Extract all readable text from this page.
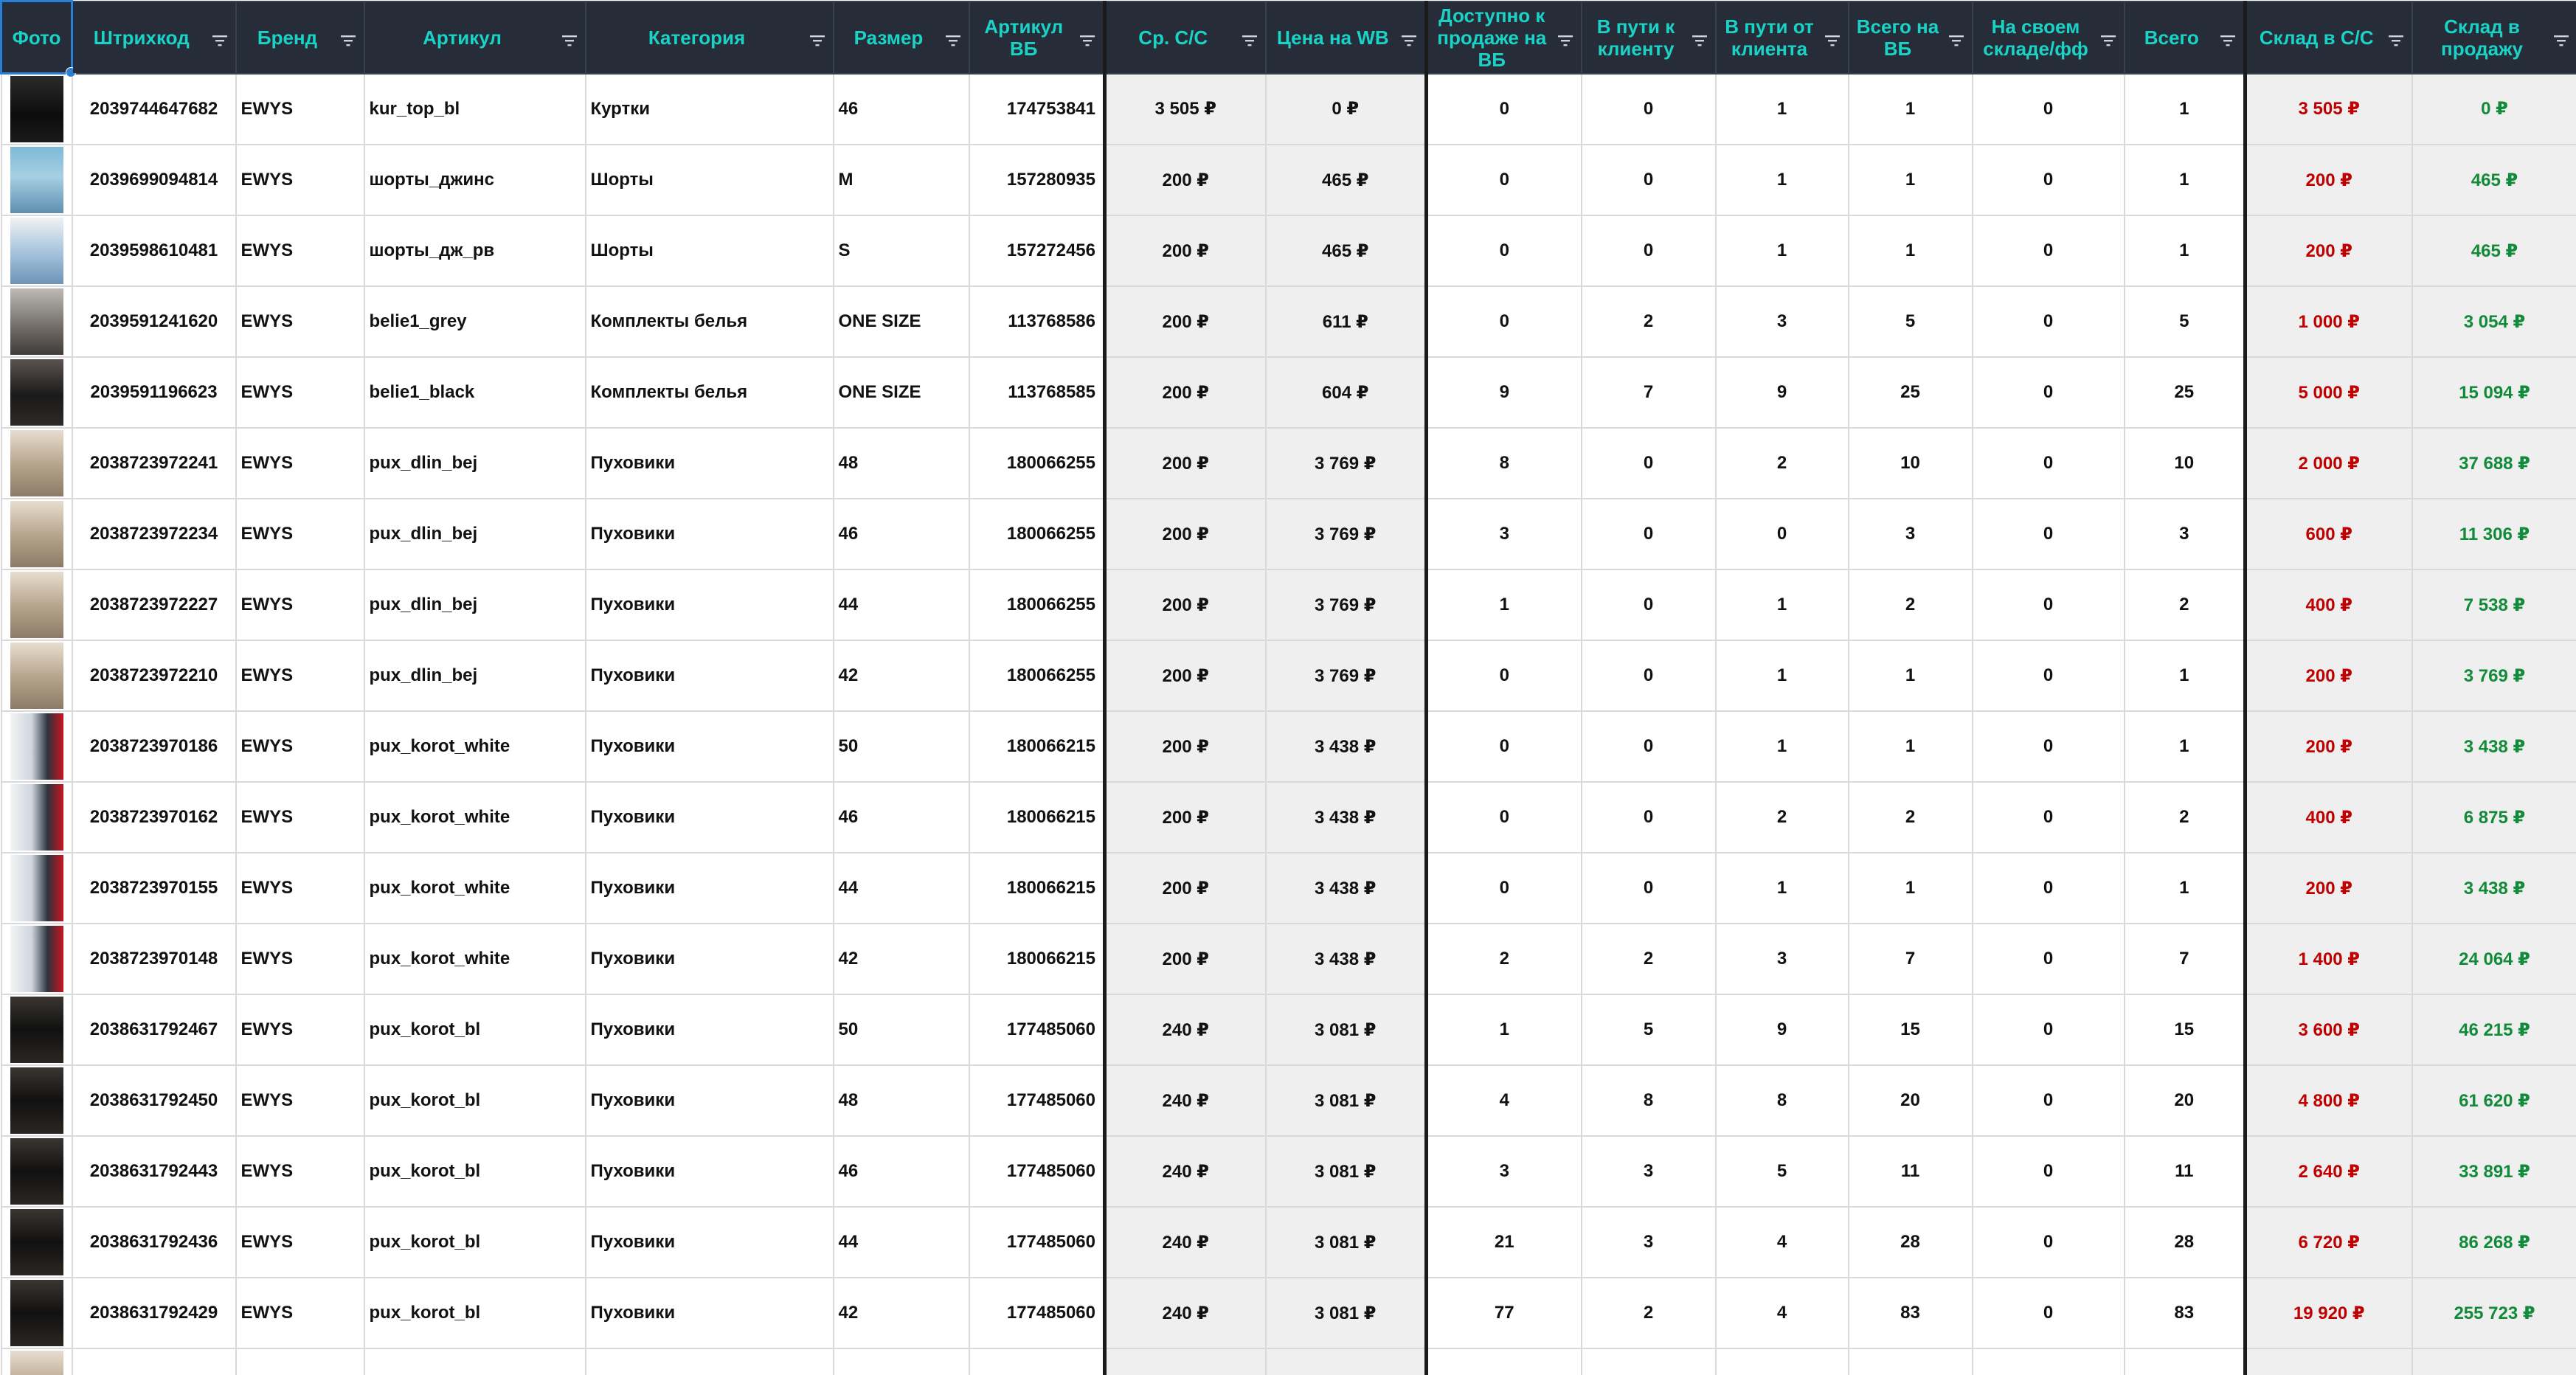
Фото	Штрихкод	Бренд	Артикул	Категория	Размер	Артикул ВБ	Ср. С/С	Цена на WB	Доступно к продаже на ВБ	В пути к клиенту	В пути от клиента	Всего на ВБ	На своем складе/фф	Всего	Склад в С/С	Склад в продажу

	2039744647682	EWYS	kur_top_bl	Куртки	46	174753841	3 505 ₽	0 ₽	0	0	1	1	0	1	3 505 ₽	0 ₽

	2039699094814	EWYS	шорты_джинс	Шорты	M	157280935	200 ₽	465 ₽	0	0	1	1	0	1	200 ₽	465 ₽

	2039598610481	EWYS	шорты_дж_рв	Шорты	S	157272456	200 ₽	465 ₽	0	0	1	1	0	1	200 ₽	465 ₽

	2039591241620	EWYS	belie1_grey	Комплекты белья	ONE SIZE	113768586	200 ₽	611 ₽	0	2	3	5	0	5	1 000 ₽	3 054 ₽

	2039591196623	EWYS	belie1_black	Комплекты белья	ONE SIZE	113768585	200 ₽	604 ₽	9	7	9	25	0	25	5 000 ₽	15 094 ₽

	2038723972241	EWYS	pux_dlin_bej	Пуховики	48	180066255	200 ₽	3 769 ₽	8	0	2	10	0	10	2 000 ₽	37 688 ₽

	2038723972234	EWYS	pux_dlin_bej	Пуховики	46	180066255	200 ₽	3 769 ₽	3	0	0	3	0	3	600 ₽	11 306 ₽

	2038723972227	EWYS	pux_dlin_bej	Пуховики	44	180066255	200 ₽	3 769 ₽	1	0	1	2	0	2	400 ₽	7 538 ₽

	2038723972210	EWYS	pux_dlin_bej	Пуховики	42	180066255	200 ₽	3 769 ₽	0	0	1	1	0	1	200 ₽	3 769 ₽

	2038723970186	EWYS	pux_korot_white	Пуховики	50	180066215	200 ₽	3 438 ₽	0	0	1	1	0	1	200 ₽	3 438 ₽

	2038723970162	EWYS	pux_korot_white	Пуховики	46	180066215	200 ₽	3 438 ₽	0	0	2	2	0	2	400 ₽	6 875 ₽

	2038723970155	EWYS	pux_korot_white	Пуховики	44	180066215	200 ₽	3 438 ₽	0	0	1	1	0	1	200 ₽	3 438 ₽

	2038723970148	EWYS	pux_korot_white	Пуховики	42	180066215	200 ₽	3 438 ₽	2	2	3	7	0	7	1 400 ₽	24 064 ₽

	2038631792467	EWYS	pux_korot_bl	Пуховики	50	177485060	240 ₽	3 081 ₽	1	5	9	15	0	15	3 600 ₽	46 215 ₽

	2038631792450	EWYS	pux_korot_bl	Пуховики	48	177485060	240 ₽	3 081 ₽	4	8	8	20	0	20	4 800 ₽	61 620 ₽

	2038631792443	EWYS	pux_korot_bl	Пуховики	46	177485060	240 ₽	3 081 ₽	3	3	5	11	0	11	2 640 ₽	33 891 ₽

	2038631792436	EWYS	pux_korot_bl	Пуховики	44	177485060	240 ₽	3 081 ₽	21	3	4	28	0	28	6 720 ₽	86 268 ₽

	2038631792429	EWYS	pux_korot_bl	Пуховики	42	177485060	240 ₽	3 081 ₽	77	2	4	83	0	83	19 920 ₽	255 723 ₽
